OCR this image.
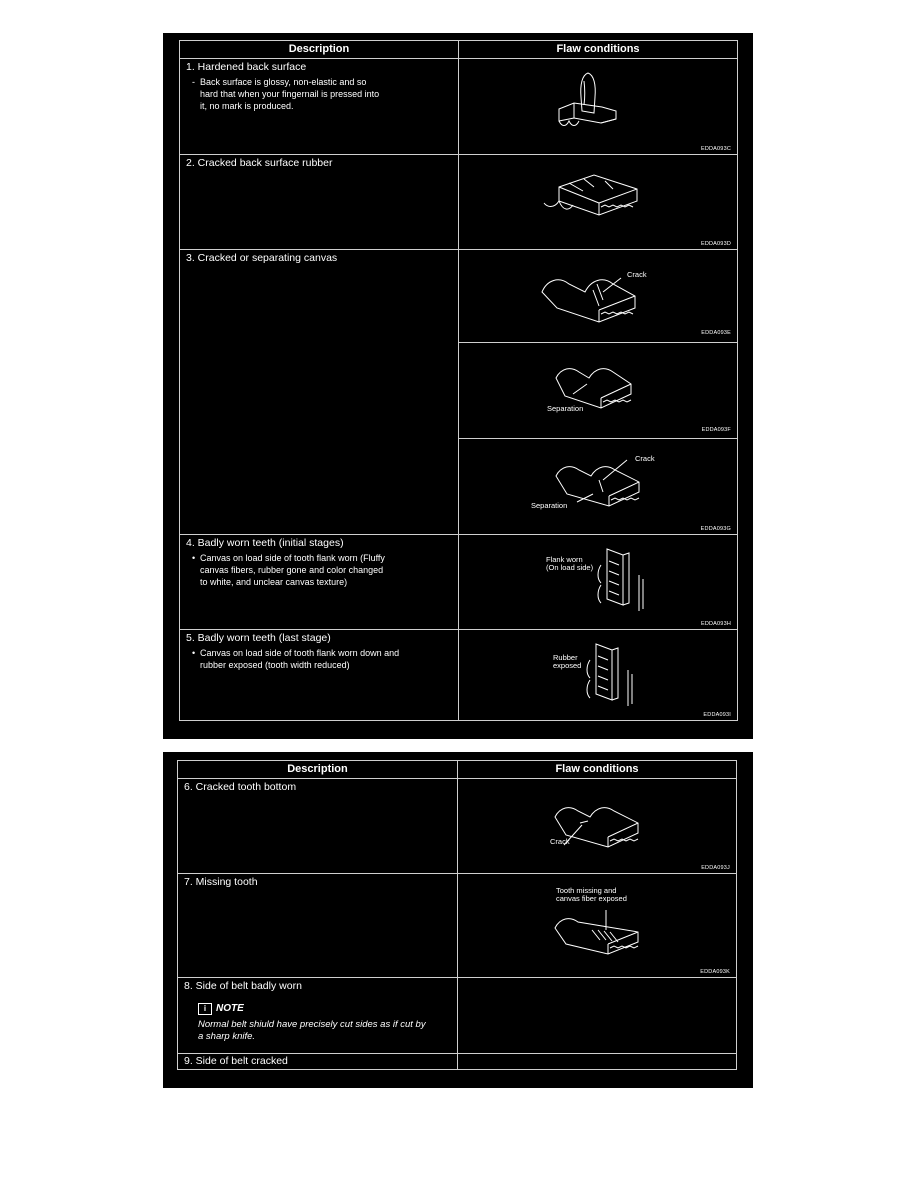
Description	Flaw conditions
1. Hardened back surface
- Back surface is glossy, non-elastic and so
hard that when your fingernail is pressed into
it, no mark is produced.
EDDA093C
2. Cracked back surface rubber
EDDA093D
3. Cracked or separating canvas
Crack
EDDA093E
Separation
EDDA093F
Crack
Separation
EDDA093G
4. Badly worn teeth (initial stages)
• Canvas on load side of tooth flank worn (Fluffy
canvas fibers, rubber gone and color changed
to white, and unclear canvas texture)
Flank worn
(On load side)
EDDA093H
5. Badly worn teeth (last stage)
• Canvas on load side of tooth flank worn down and
rubber exposed (tooth width reduced)
Rubber
exposed
EDDA093I
Description	Flaw conditions
6. Cracked tooth bottom
Crack
EDDA093J
7. Missing tooth
Tooth missing and
canvas fiber exposed
EDDA093K
8. Side of belt badly worn
i NOTE
Normal belt shiuld have precisely cut sides as if cut by
a sharp knife.
9. Side of belt cracked
